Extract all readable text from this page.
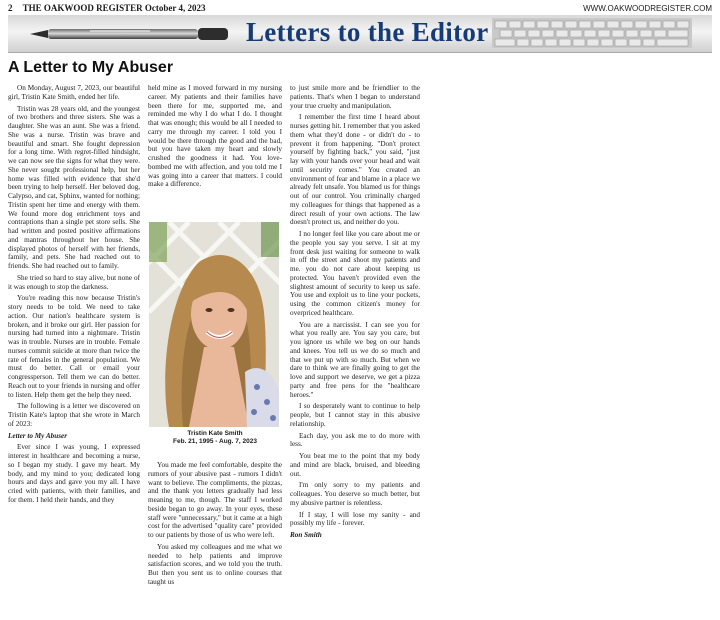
2 THE OAKWOOD REGISTER October 4, 2023	WWW.OAKWOODREGISTER.COM
Letters to the Editor
A Letter to My Abuser

On Monday, August 7, 2023, our beautiful girl, Tristin Kate Smith, ended her life.

Tristin was 28 years old, and the youngest of two brothers and three sisters. She was a daughter. She was an aunt. She was a friend. She was a nurse. Tristin was brave and beautiful and smart. She fought depression for a long time. With regret-filled hindsight, we can now see the signs for what they were. She never sought professional help, but her home was filled with evidence that she'd been trying to help herself. Her beloved dog, Calypso, and cat, Sphinx, wanted for nothing; Tristin spent her time and energy with them. We found more dog enrichment toys and contraptions than a single pet store sells. She had written and posted positive affirmations and mantras throughout her house. She displayed photos of herself with her friends, family, and pets. She had reached out to friends. She had reached out to family.

She tried so hard to stay alive, but none of it was enough to stop the darkness.

You're reading this now because Tristin's story needs to be told. We need to take action. Our nation's healthcare system is broken, and it broke our girl. Her passion for nursing had turned into a nightmare. Tristin was in trouble. Nurses are in trouble. Female nurses commit suicide at more than twice the rate of females in the general population. We must do better. Call or email your congressperson. Tell them we can do better. Reach out to your friends in nursing and offer to listen. Help them get the help they need.

The following is a letter we discovered on Tristin Kate's laptop that she wrote in March of 2023:

Letter to My Abuser

Ever since I was young, I expressed interest in healthcare and becoming a nurse, so I began my study. I gave my heart. My body, and my mind to you; dedicated long hours and days and gave you my all. I have cried with patients, with their families, and for them. I held their hands, and they

held mine as I moved forward in my nursing career. My patients and their families have been there for me, supported me, and reminded me why I do what I do. I thought that was enough; this would be all I needed to carry me through my career. I told you I would be there through the good and the bad, but you have taken my heart and slowly crushed the goodness it had. You love-bombed me with affection, and you told me I was going into a career that matters. I could make a difference.

Tristin Kate Smith
Feb. 21, 1995 - Aug. 7, 2023

You made me feel comfortable, despite the rumors of your abusive past - rumors I didn't want to believe. The compliments, the pizzas, and the thank you letters gradually had less meaning to me, though. The staff I worked beside began to go away. In your eyes, these staff were "unnecessary," but it came at a high cost for the advertised "quality care" provided to our patients by those of us who were left.

You asked my colleagues and me what we needed to help patients and improve satisfaction scores, and we told you the truth. But then you sent us to online courses that taught us

to just smile more and be friendlier to the patients. That's when I began to understand your true cruelty and manipulation.

I remember the first time I heard about nurses getting hit. I remember that you asked them what they'd done - or didn't do - to prevent it from happening. "Don't protect yourself by fighting back," you said, "just lay with your hands over your head and wait until security comes." You created an environment of fear and blame in a place we already felt unsafe. You blamed us for things out of our control. You criminally charged my colleagues for things that happened as a direct result of your own actions. The law doesn't protect us, and neither do you.

I no longer feel like you care about me or the people you say you serve. I sit at my front desk just waiting for someone to walk in off the street and shoot my patients and me. you do not care about keeping us protected. You haven't provided even the slightest amount of security to keep us safe. You use and exploit us to line your pockets, using the common citizen's money for overpriced healthcare.

You are a narcissist. I can see you for what you really are. You say you care, but you ignore us while we beg on our hands and knees. You tell us we do so much and that we put up with so much. But when we dare to think we are finally going to get the love and support we deserve, we get a pizza party and free pens for the "healthcare heroes."

I so desperately want to continue to help people, but I cannot stay in this abusive relationship.

Each day, you ask me to do more with less.

You beat me to the point that my body and mind are black, bruised, and bleeding out.

I'm only sorry to my patients and colleagues. You deserve so much better, but my abusive partner is relentless.

If I stay, I will lose my sanity - and possibly my life - forever.

Ron Smith
